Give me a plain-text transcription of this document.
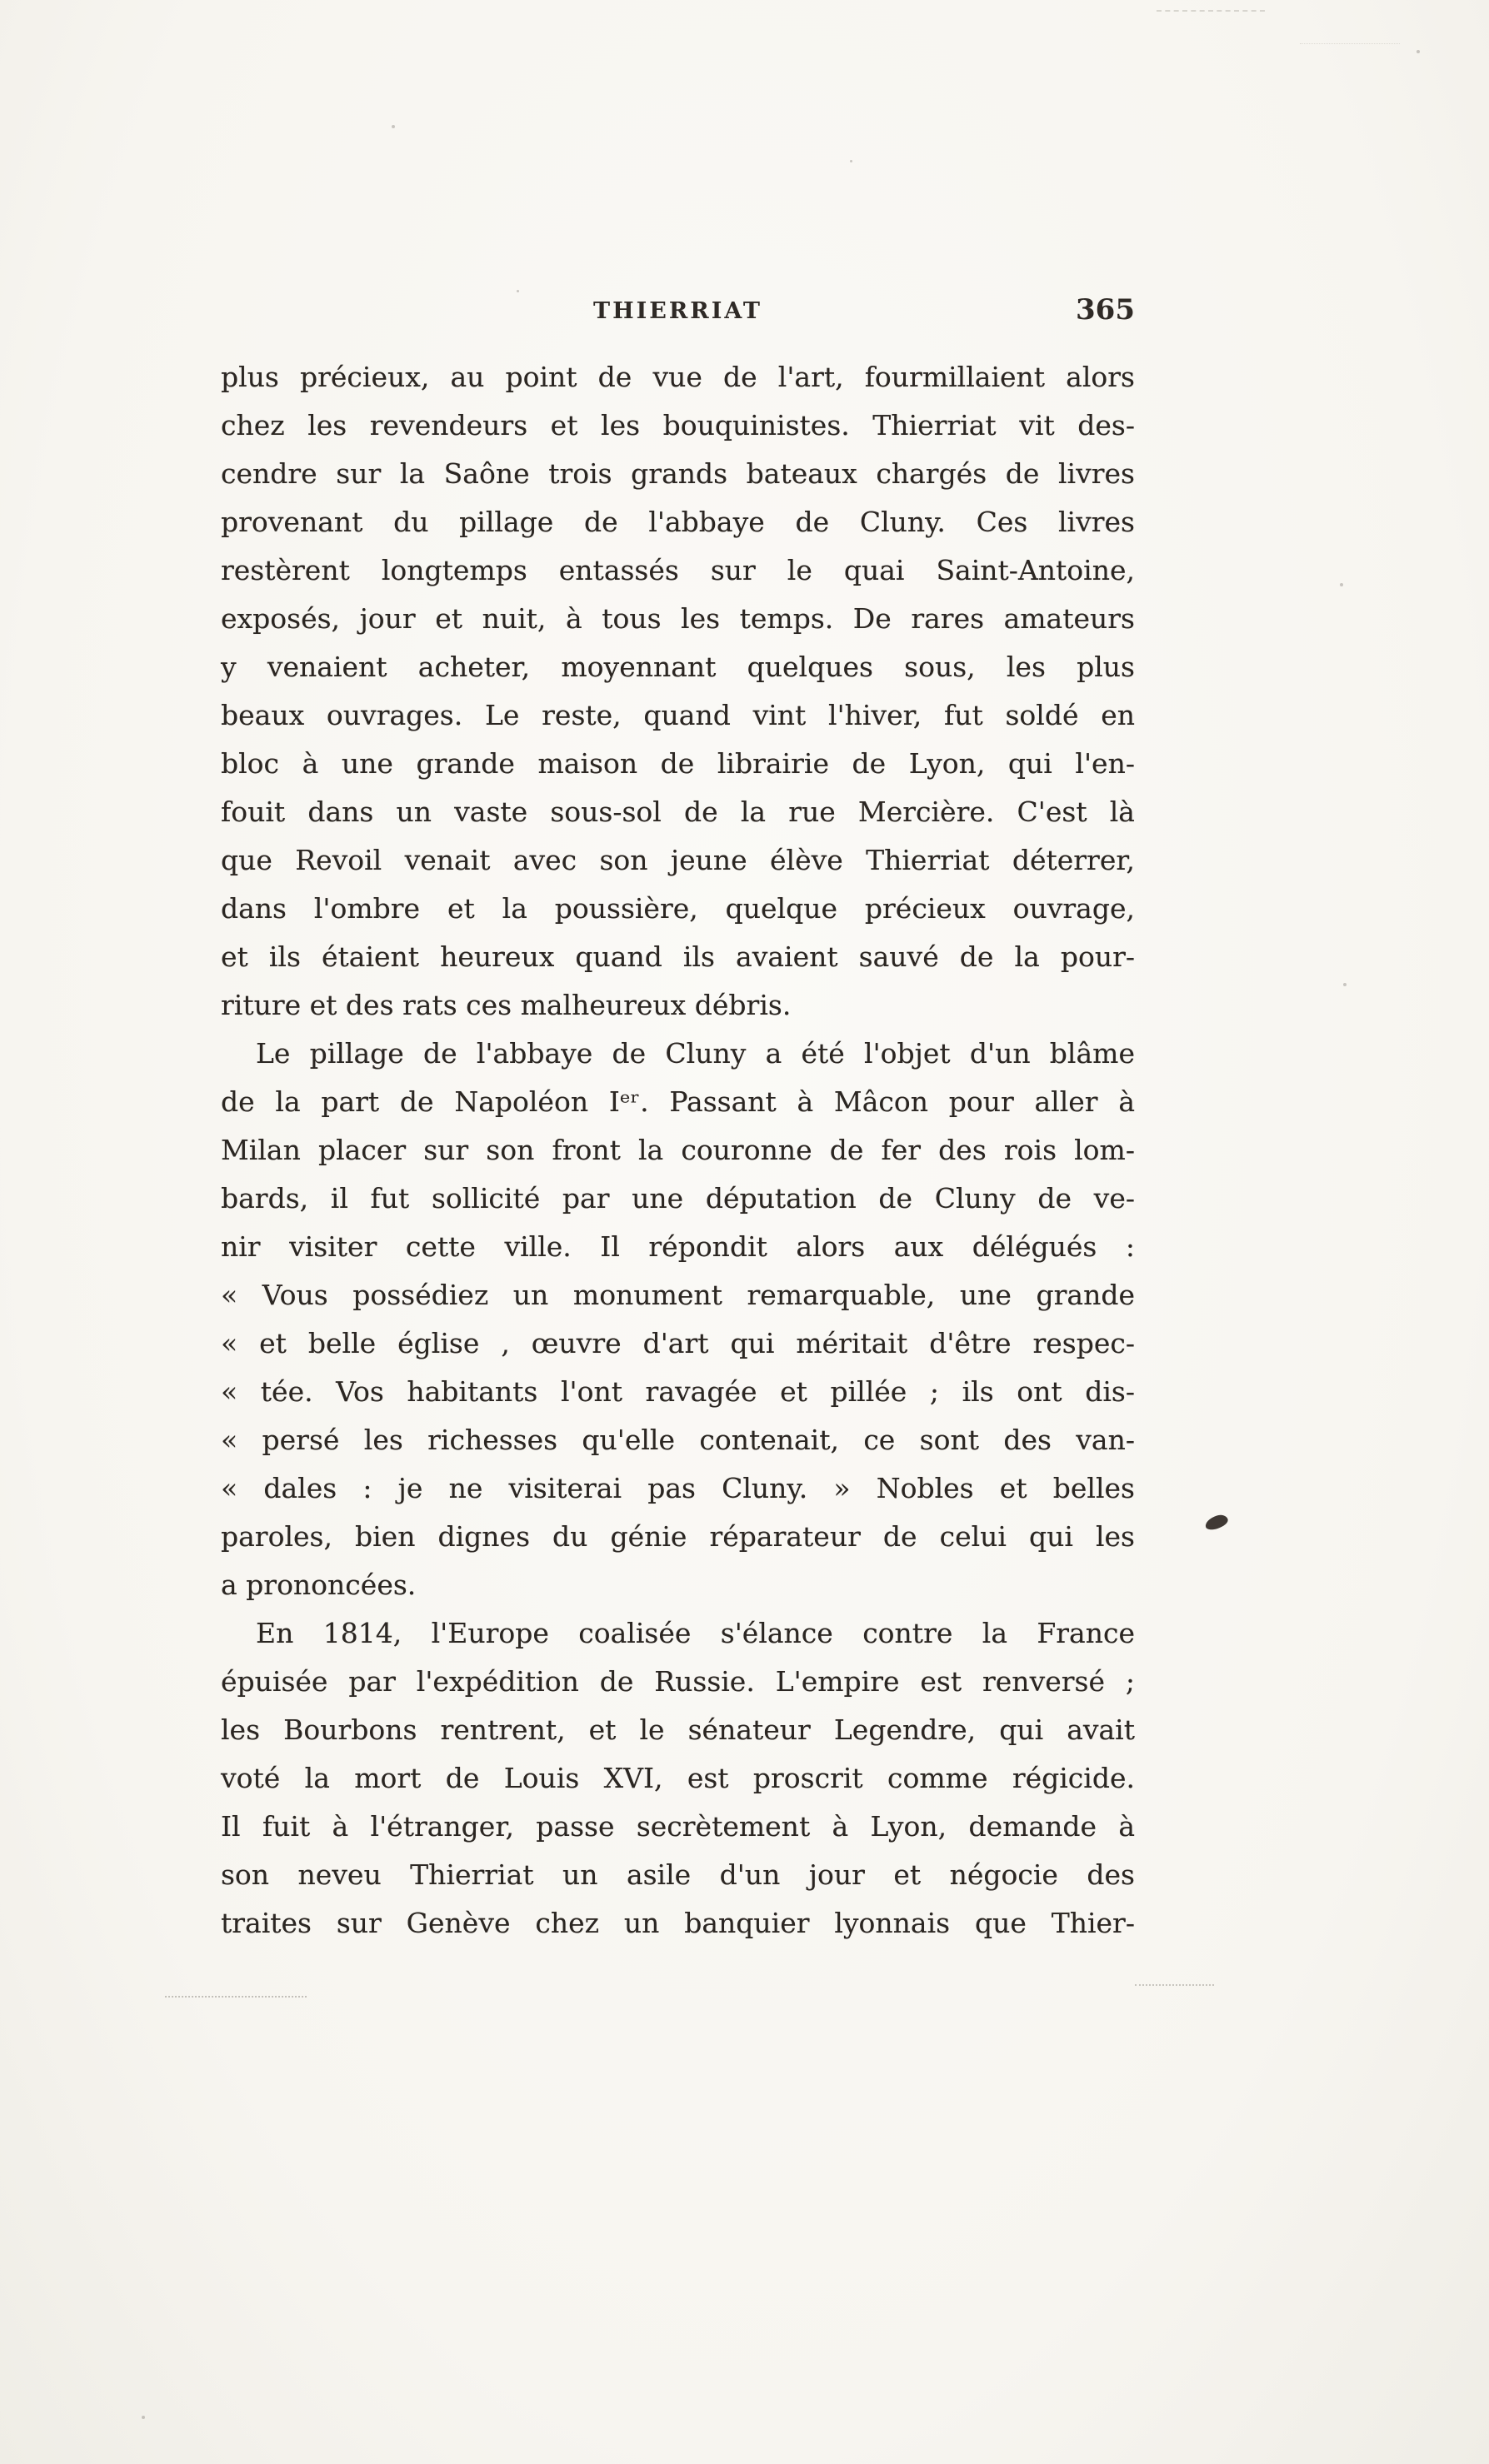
THIERRIAT	365
plus précieux, au point de vue de l'art, fourmillaient alors
chez les revendeurs et les bouquinistes. Thierriat vit des-
cendre sur la Saône trois grands bateaux chargés de livres
provenant du pillage de l'abbaye de Cluny. Ces livres
restèrent longtemps entassés sur le quai Saint-Antoine,
exposés, jour et nuit, à tous les temps. De rares amateurs
y venaient acheter, moyennant quelques sous, les plus
beaux ouvrages. Le reste, quand vint l'hiver, fut soldé en
bloc à une grande maison de librairie de Lyon, qui l'en-
fouit dans un vaste sous-sol de la rue Mercière. C'est là
que Revoil venait avec son jeune élève Thierriat déterrer,
dans l'ombre et la poussière, quelque précieux ouvrage,
et ils étaient heureux quand ils avaient sauvé de la pour-
riture et des rats ces malheureux débris.
Le pillage de l'abbaye de Cluny a été l'objet d'un blâme
de la part de Napoléon Iᵉʳ. Passant à Mâcon pour aller à
Milan placer sur son front la couronne de fer des rois lom-
bards, il fut sollicité par une députation de Cluny de ve-
nir visiter cette ville. Il répondit alors aux délégués :
« Vous possédiez un monument remarquable, une grande
« et belle église , œuvre d'art qui méritait d'être respec-
« tée. Vos habitants l'ont ravagée et pillée ; ils ont dis-
« persé les richesses qu'elle contenait, ce sont des van-
« dales : je ne visiterai pas Cluny. » Nobles et belles
paroles, bien dignes du génie réparateur de celui qui les
a prononcées.
En 1814, l'Europe coalisée s'élance contre la France
épuisée par l'expédition de Russie. L'empire est renversé ;
les Bourbons rentrent, et le sénateur Legendre, qui avait
voté la mort de Louis XVI, est proscrit comme régicide.
Il fuit à l'étranger, passe secrètement à Lyon, demande à
son neveu Thierriat un asile d'un jour et négocie des
traites sur Genève chez un banquier lyonnais que Thier-
